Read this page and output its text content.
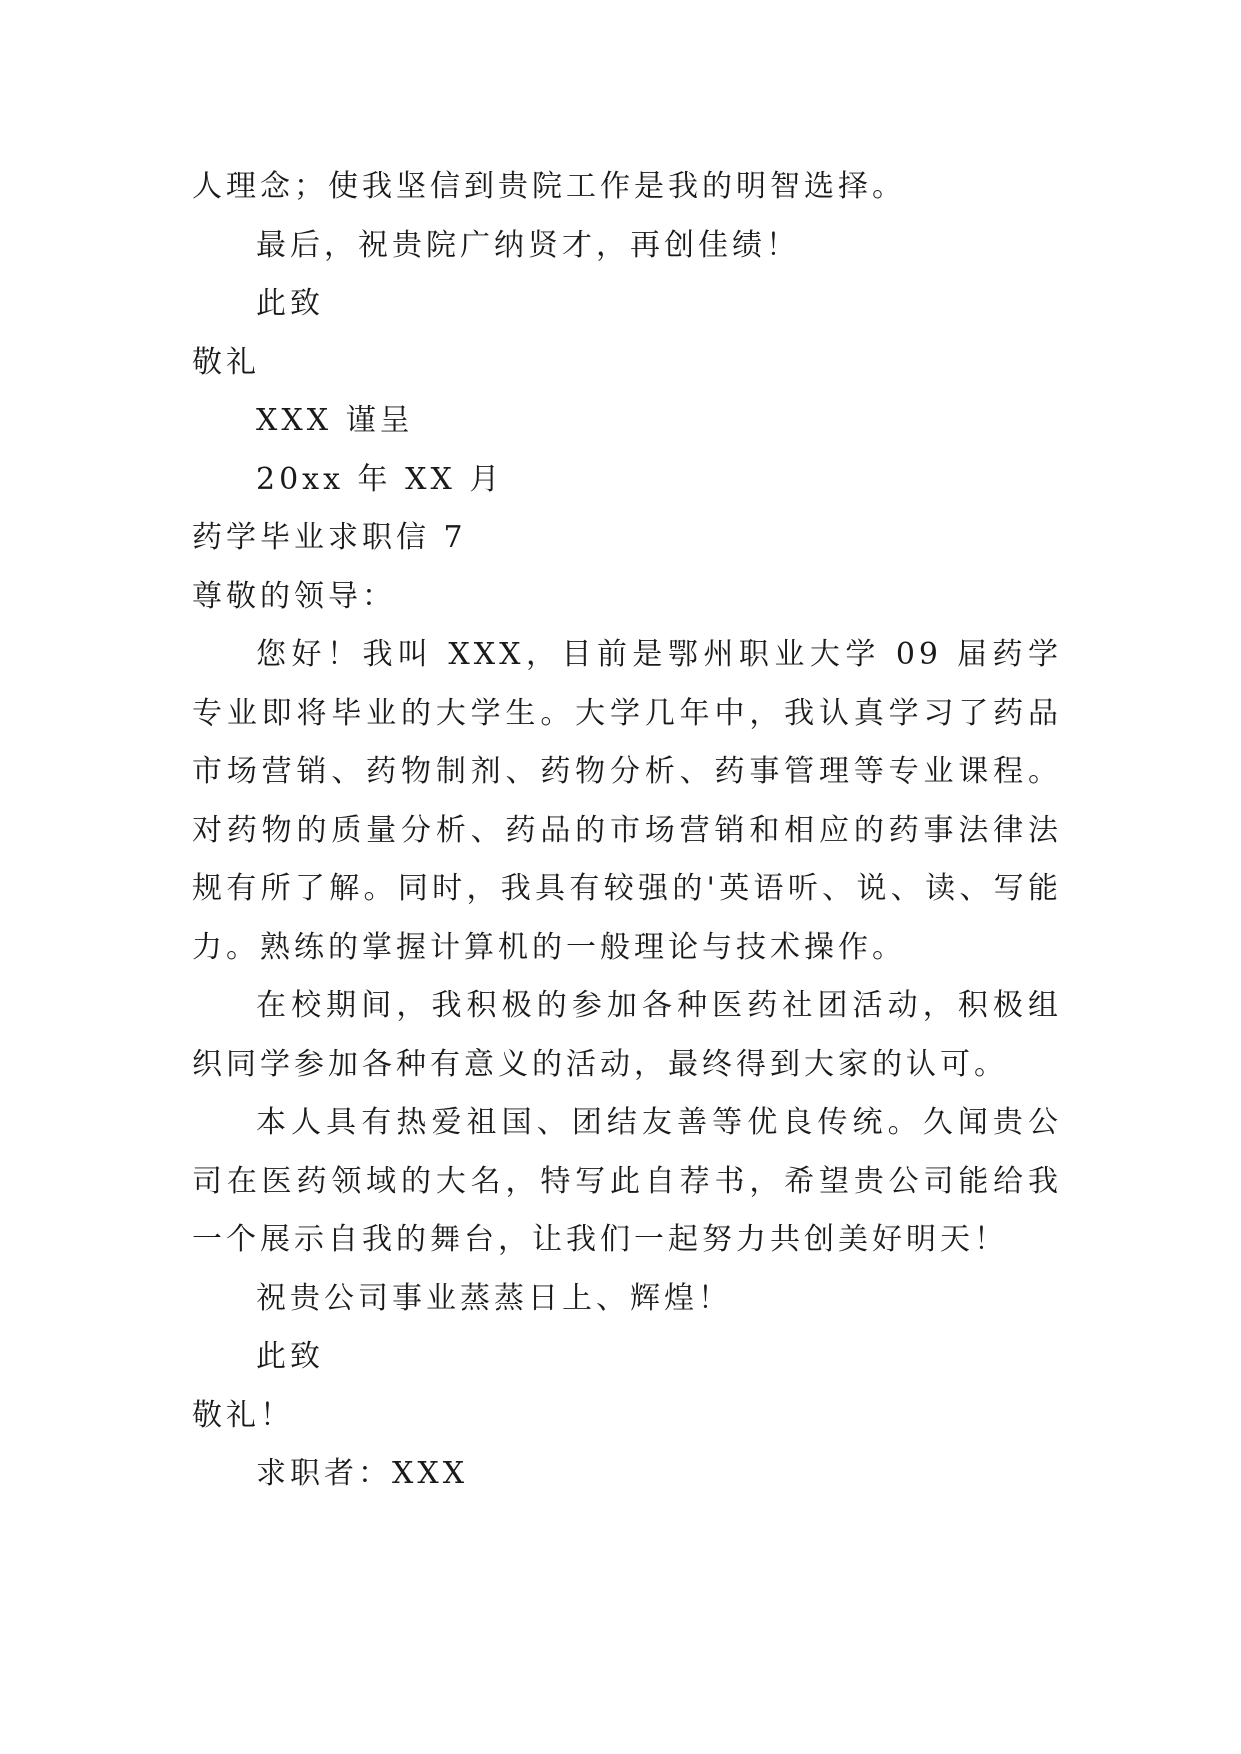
人理念；使我坚信到贵院工作是我的明智选择。

最后，祝贵院广纳贤才，再创佳绩！

此致

敬礼

XXX 谨呈

20xx 年 XX 月

药学毕业求职信 7

尊敬的领导：

您好！我叫 XXX，目前是鄂州职业大学 09 届药学专业即将毕业的大学生。大学几年中，我认真学习了药品市场营销、药物制剂、药物分析、药事管理等专业课程。对药物的质量分析、药品的市场营销和相应的药事法律法规有所了解。同时，我具有较强的'英语听、说、读、写能力。熟练的掌握计算机的一般理论与技术操作。

在校期间，我积极的参加各种医药社团活动，积极组织同学参加各种有意义的活动，最终得到大家的认可。

本人具有热爱祖国、团结友善等优良传统。久闻贵公司在医药领域的大名，特写此自荐书，希望贵公司能给我一个展示自我的舞台，让我们一起努力共创美好明天！

祝贵公司事业蒸蒸日上、辉煌！

此致

敬礼！

求职者：XXX
